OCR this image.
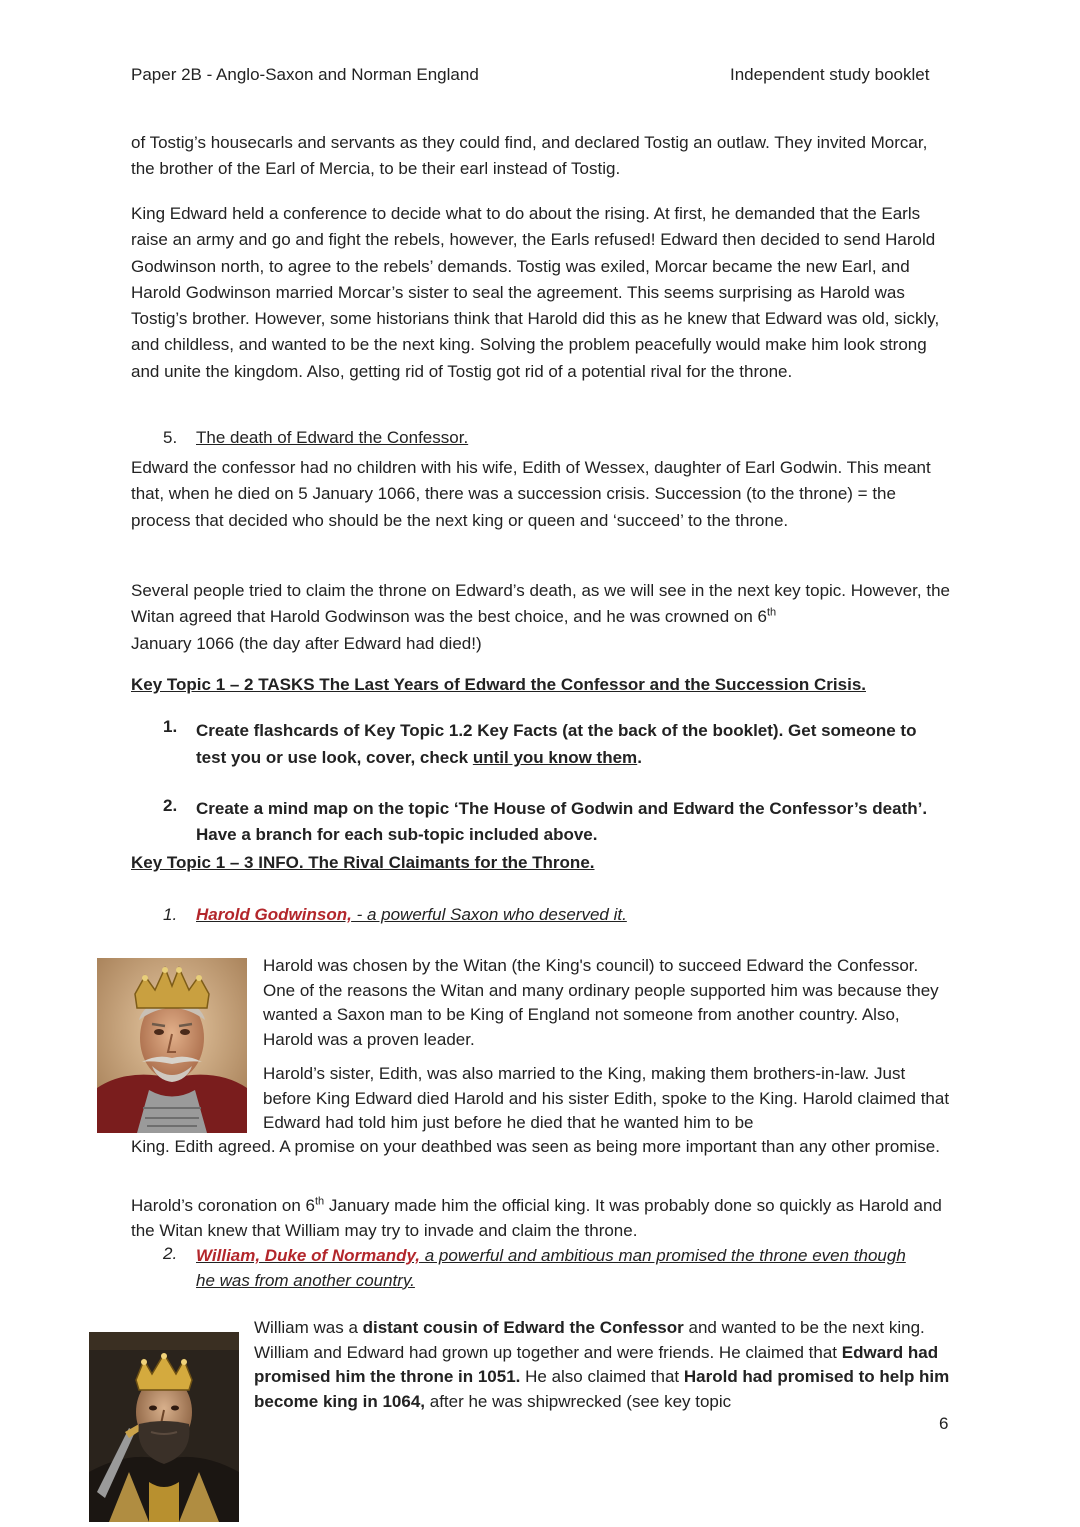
Paper 2B - Anglo-Saxon and Norman England	Independent study booklet

of Tostig’s housecarls and servants as they could find, and declared Tostig an outlaw. They invited Morcar, the brother of the Earl of Mercia, to be their earl instead of Tostig.

King Edward held a conference to decide what to do about the rising. At first, he demanded that the Earls raise an army and go and fight the rebels, however, the Earls refused! Edward then decided to send Harold Godwinson north, to agree to the rebels’ demands. Tostig was exiled, Morcar became the new Earl, and Harold Godwinson married Morcar’s sister to seal the agreement. This seems surprising as Harold was Tostig’s brother. However, some historians think that Harold did this as he knew that Edward was old, sickly, and childless, and wanted to be the next king. Solving the problem peacefully would make him look strong and unite the kingdom. Also, getting rid of Tostig got rid of a potential rival for the throne.

5. The death of Edward the Confessor.

Edward the confessor had no children with his wife, Edith of Wessex, daughter of Earl Godwin. This meant that, when he died on 5 January 1066, there was a succession crisis. Succession (to the throne) = the process that decided who should be the next king or queen and ‘succeed’ to the throne.

Several people tried to claim the throne on Edward’s death, as we will see in the next key topic. However, the Witan agreed that Harold Godwinson was the best choice, and he was crowned on 6th
January 1066 (the day after Edward had died!)

Key Topic 1 – 2 TASKS The Last Years of Edward the Confessor and the Succession Crisis.
1. Create flashcards of Key Topic 1.2 Key Facts (at the back of the booklet). Get someone to
test you or use look, cover, check until you know them.
2. Create a mind map on the topic ‘The House of Godwin and Edward the Confessor’s death’.
Have a branch for each sub-topic included above.
Key Topic 1 – 3 INFO. The Rival Claimants for the Throne.
1. Harold Godwinson, - a powerful Saxon who deserved it.

Harold was chosen by the Witan (the King's council) to succeed Edward the Confessor. One of the reasons the Witan and many ordinary people supported him was because they wanted a Saxon man to be King of England not someone from another country. Also, Harold was a proven leader.

Harold’s sister, Edith, was also married to the King, making them brothers-in-law. Just before King Edward died Harold and his sister Edith, spoke to the King. Harold claimed that Edward had told him just before he died that he wanted him to be

King. Edith agreed. A promise on your deathbed was seen as being more important than any other promise.

Harold’s coronation on 6th January made him the official king. It was probably done so quickly as Harold and the Witan knew that William may try to invade and claim the throne.

2. William, Duke of Normandy, a powerful and ambitious man promised the throne even though he was from another country.

William was a distant cousin of Edward the Confessor and wanted to be the next king. William and Edward had grown up together and were friends. He claimed that Edward had promised him the throne in 1051. He also claimed that Harold had promised to help him become king in 1064, after he was shipwrecked (see key topic

6
